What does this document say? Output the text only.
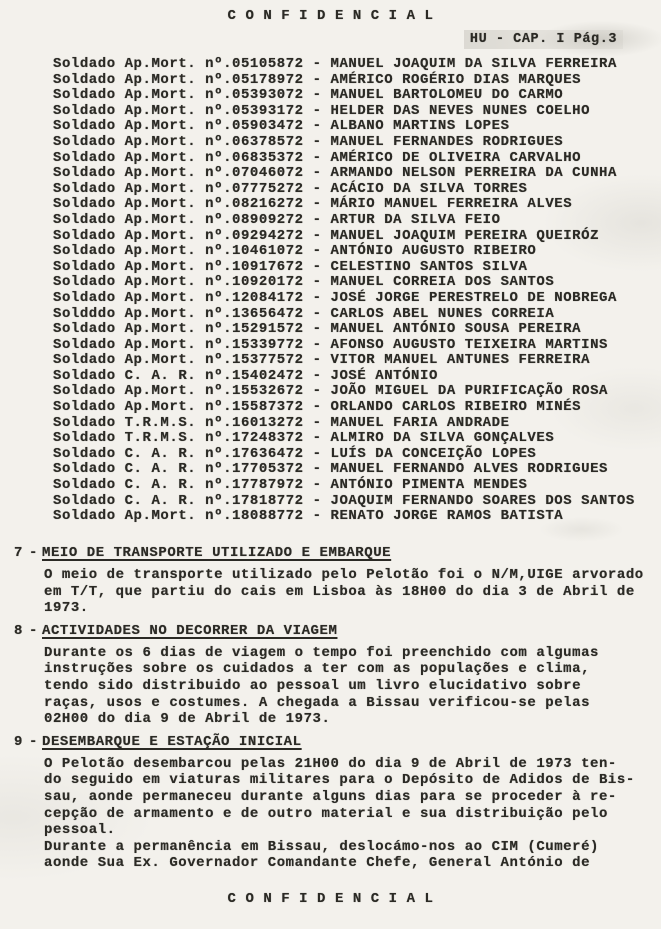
C O N F I D E N C I A L
HU - CAP. I Pág.3
Soldado Ap.Mort. nº.05105872 - MANUEL JOAQUIM DA SILVA FERREIRA
Soldado Ap.Mort. nº.05178972 - AMÉRICO ROGÉRIO DIAS MARQUES
Soldado Ap.Mort. nº.05393072 - MANUEL BARTOLOMEU DO CARMO
Soldado Ap.Mort. nº.05393172 - HELDER DAS NEVES NUNES COELHO
Soldado Ap.Mort. nº.05903472 - ALBANO MARTINS LOPES
Soldado Ap.Mort. nº.06378572 - MANUEL FERNANDES RODRIGUES
Soldado Ap.Mort. nº.06835372 - AMÉRICO DE OLIVEIRA CARVALHO
Soldado Ap.Mort. nº.07046072 - ARMANDO NELSON PERREIRA DA CUNHA
Soldado Ap.Mort. nº.07775272 - ACÁCIO DA SILVA TORRES
Soldado Ap.Mort. nº.08216272 - MÁRIO MANUEL FERREIRA ALVES
Soldado Ap.Mort. nº.08909272 - ARTUR DA SILVA FEIO
Soldado Ap.Mort. nº.09294272 - MANUEL JOAQUIM PEREIRA QUEIRÓZ
Soldado Ap.Mort. nº.10461072 - ANTÓNIO AUGUSTO RIBEIRO
Soldado Ap.Mort. nº.10917672 - CELESTINO SANTOS SILVA
Soldado Ap.Mort. nº.10920172 - MANUEL CORREIA DOS SANTOS
Soldado Ap.Mort. nº.12084172 - JOSÉ JORGE PERESTRELO DE NOBREGA
Soldddo Ap.Mort. nº.13656472 - CARLOS ABEL NUNES CORREIA
Soldado Ap.Mort. nº.15291572 - MANUEL ANTÓNIO SOUSA PEREIRA
Soldado Ap.Mort. nº.15339772 - AFONSO AUGUSTO TEIXEIRA MARTINS
Soldado Ap.Mort. nº.15377572 - VITOR MANUEL ANTUNES FERREIRA
Soldado C. A. R. nº.15402472 - JOSÉ ANTÓNIO
Soldado Ap.Mort. nº.15532672 - JOÃO MIGUEL DA PURIFICAÇÃO ROSA
Soldado Ap.Mort. nº.15587372 - ORLANDO CARLOS RIBEIRO MINÉS
Soldado T.R.M.S. nº.16013272 - MANUEL FARIA ANDRADE
Soldado T.R.M.S. nº.17248372 - ALMIRO DA SILVA GONÇALVES
Soldado C. A. R. nº.17636472 - LUÍS DA CONCEIÇÃO LOPES
Soldado C. A. R. nº.17705372 - MANUEL FERNANDO ALVES RODRIGUES
Soldado C. A. R. nº.17787972 - ANTÓNIO PIMENTA MENDES
Soldado C. A. R. nº.17818772 - JOAQUIM FERNANDO SOARES DOS SANTOS
Soldado Ap.Mort. nº.18088772 - RENATO JORGE RAMOS BATISTA
7 - MEIO DE TRANSPORTE UTILIZADO E EMBARQUE
O meio de transporte utilizado pelo Pelotão foi o N/M,UIGE arvorado
em T/T, que partiu do cais em Lisboa às 18H00 do dia 3 de Abril de
1973.
8 - ACTIVIDADES NO DECORRER DA VIAGEM
Durante os 6 dias de viagem o tempo foi preenchido com algumas
instruções sobre os cuidados a ter com as populações e clima,
tendo sido distribuido ao pessoal um livro elucidativo sobre
raças, usos e costumes. A chegada a Bissau verificou-se pelas
02H00 do dia 9 de Abril de 1973.
9 - DESEMBARQUE E ESTAÇÃO INICIAL
O Pelotão desembarcou pelas 21H00 do dia 9 de Abril de 1973 ten-
do seguido em viaturas militares para o Depósito de Adidos de Bis-
sau, aonde permaneceu durante alguns dias para se proceder à re-
cepção de armamento e de outro material e sua distribuição pelo
pessoal.
Durante a permanência em Bissau, deslocámo-nos ao CIM (Cumeré)
aonde Sua Ex. Governador Comandante Chefe, General António de
C O N F I D E N C I A L
